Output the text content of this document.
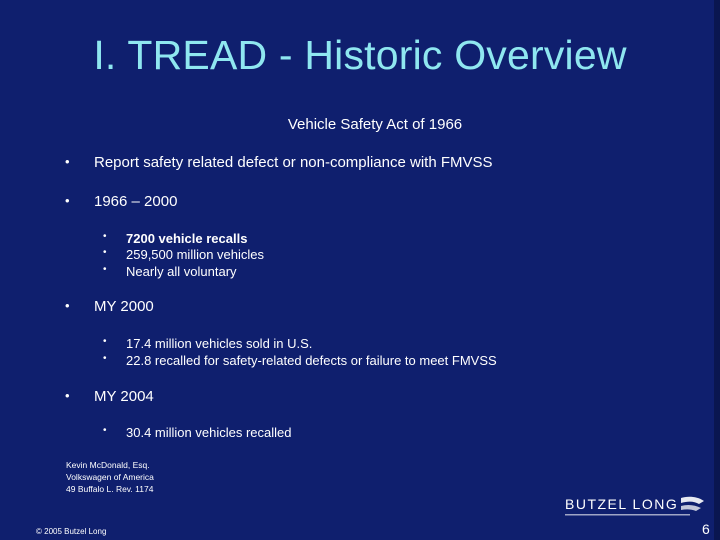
I. TREAD - Historic Overview
Vehicle Safety Act of 1966
• Report safety related defect or non-compliance with FMVSS
• 1966 – 2000
• 7200 vehicle recalls
• 259,500 million vehicles
• Nearly all voluntary
• MY 2000
• 17.4 million vehicles sold in U.S.
• 22.8 recalled for safety-related defects or failure to meet FMVSS
• MY 2004
• 30.4 million vehicles recalled
Kevin McDonald, Esq.
Volkswagen of America
49 Buffalo L. Rev. 1174
BUTZEL LONG
© 2005 Butzel Long	6
